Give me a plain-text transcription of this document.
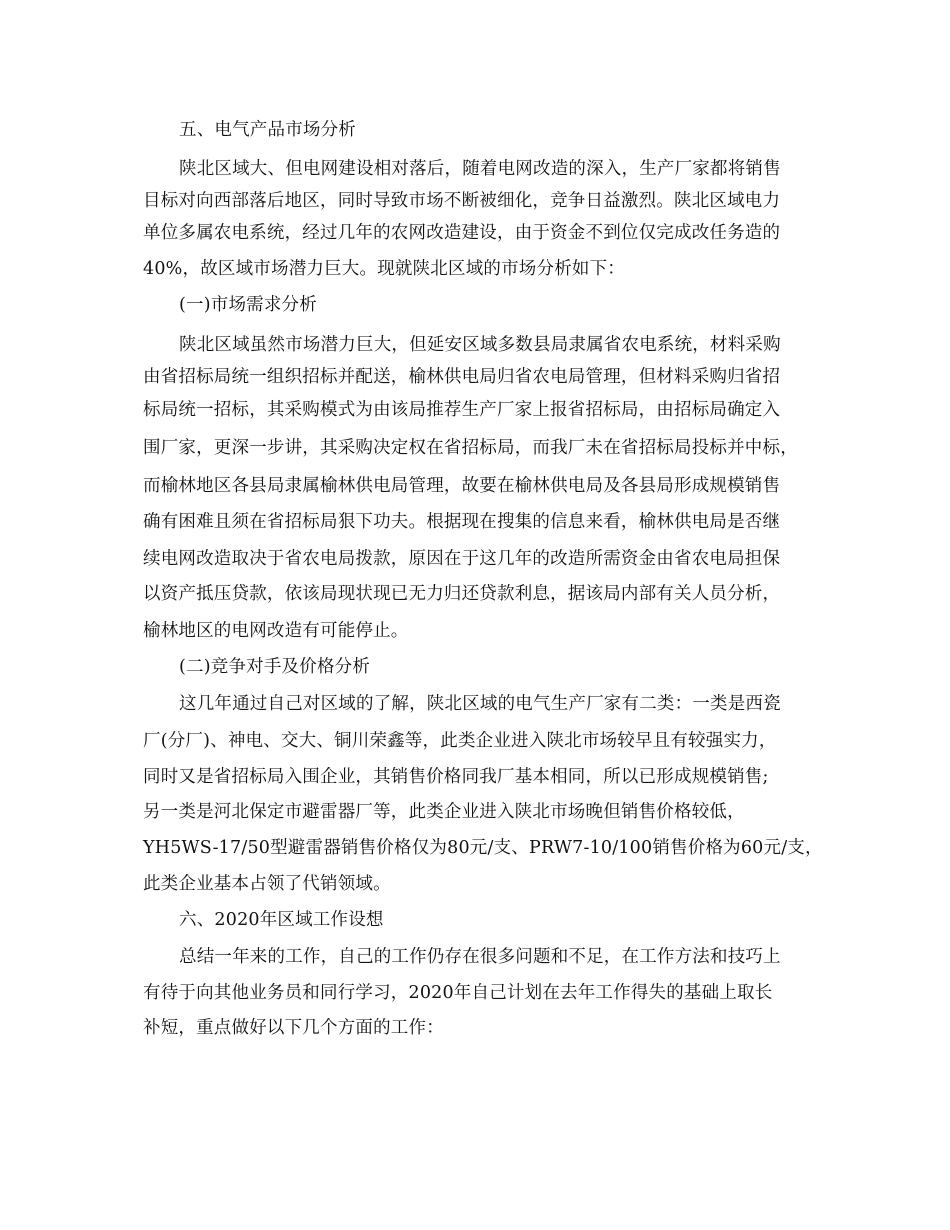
五、电气产品市场分析
陕北区域大、但电网建设相对落后，随着电网改造的深入，生产厂家都将销售
目标对向西部落后地区，同时导致市场不断被细化，竞争日益激烈。陕北区域电力
单位多属农电系统，经过几年的农网改造建设，由于资金不到位仅完成改任务造的
40%，故区域市场潜力巨大。现就陕北区域的市场分析如下：
(一)市场需求分析
陕北区域虽然市场潜力巨大，但延安区域多数县局隶属省农电系统，材料采购
由省招标局统一组织招标并配送，榆林供电局归省农电局管理，但材料采购归省招
标局统一招标，其采购模式为由该局推荐生产厂家上报省招标局，由招标局确定入
围厂家，更深一步讲，其采购决定权在省招标局，而我厂未在省招标局投标并中标，
而榆林地区各县局隶属榆林供电局管理，故要在榆林供电局及各县局形成规模销售
确有困难且须在省招标局狠下功夫。根据现在搜集的信息来看，榆林供电局是否继
续电网改造取决于省农电局拨款，原因在于这几年的改造所需资金由省农电局担保
以资产抵压贷款，依该局现状现已无力归还贷款利息，据该局内部有关人员分析，
榆林地区的电网改造有可能停止。
(二)竞争对手及价格分析
这几年通过自己对区域的了解，陕北区域的电气生产厂家有二类：一类是西瓷
厂(分厂)、神电、交大、铜川荣鑫等，此类企业进入陕北市场较早且有较强实力，
同时又是省招标局入围企业，其销售价格同我厂基本相同，所以已形成规模销售;
另一类是河北保定市避雷器厂等，此类企业进入陕北市场晚但销售价格较低，
YH5WS-17/50型避雷器销售价格仅为80元/支、PRW7-10/100销售价格为60元/支，
此类企业基本占领了代销领域。
六、2020年区域工作设想
总结一年来的工作，自己的工作仍存在很多问题和不足，在工作方法和技巧上
有待于向其他业务员和同行学习，2020年自己计划在去年工作得失的基础上取长
补短，重点做好以下几个方面的工作：
